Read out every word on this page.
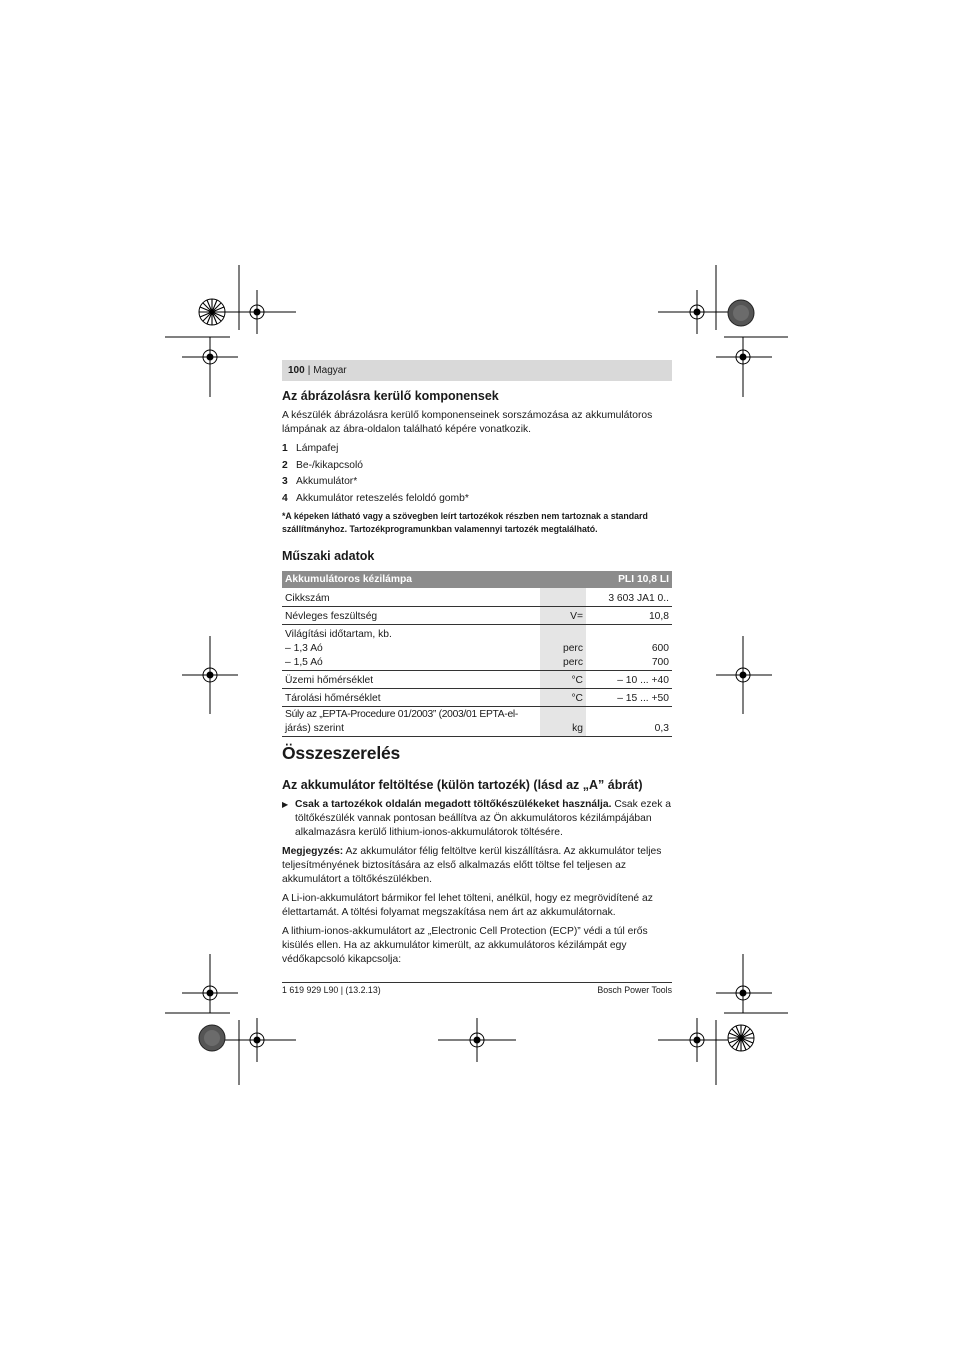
100 | Magyar
Az ábrázolásra kerülő komponensek

A készülék ábrázolásra kerülő komponenseinek sorszámozása az akkumulátoros lámpának az ábra-oldalon található képére vonatkozik.

1 Lámpafej
2 Be-/kikapcsoló
3 Akkumulátor*
4 Akkumulátor reteszelés feloldó gomb*

*A képeken látható vagy a szövegben leírt tartozékok részben nem tartoznak a standard szállítmányhoz. Tartozékprogramunkban valamennyi tartozék megtalálható.

Műszaki adatok
Akkumulátoros kézilámpa		PLI 10,8 LI
Cikkszám		3 603 JA1 0..
Névleges feszültség	V=	10,8
Világítási időtartam, kb.		
– 1,3 Aó	perc	600
– 1,5 Aó	perc	700
Üzemi hőmérséklet	°C	– 10 ... +40
Tárolási hőmérséklet	°C	– 15 ... +50
Súly az „EPTA-Procedure 01/2003” (2003/01 EPTA-el-		
járás) szerint	kg	0,3
Összeszerelés
Az akkumulátor feltöltése (külön tartozék) (lásd az „A” ábrát)
▶ Csak a tartozékok oldalán megadott töltőkészülékeket használja. Csak ezek a töltőkészülék vannak pontosan beállítva az Ön akkumulátoros kézilámpájában alkalmazásra kerülő lithium-ionos-akkumulátorok töltésére.

Megjegyzés: Az akkumulátor félig feltöltve kerül kiszállításra. Az akkumulátor teljes teljesítményének biztosítására az első alkalmazás előtt töltse fel teljesen az akkumulátort a töltőkészülékben.

A Li-ion-akkumulátort bármikor fel lehet tölteni, anélkül, hogy ez megrövidítené az élettartamát. A töltési folyamat megszakítása nem árt az akkumulátornak.

A lithium-ionos-akkumulátort az „Electronic Cell Protection (ECP)” védi a túl erős kisülés ellen. Ha az akkumulátor kimerült, az akkumulátoros kézilámpát egy védőkapcsoló kikapcsolja:

1 619 929 L90 | (13.2.13)	Bosch Power Tools
